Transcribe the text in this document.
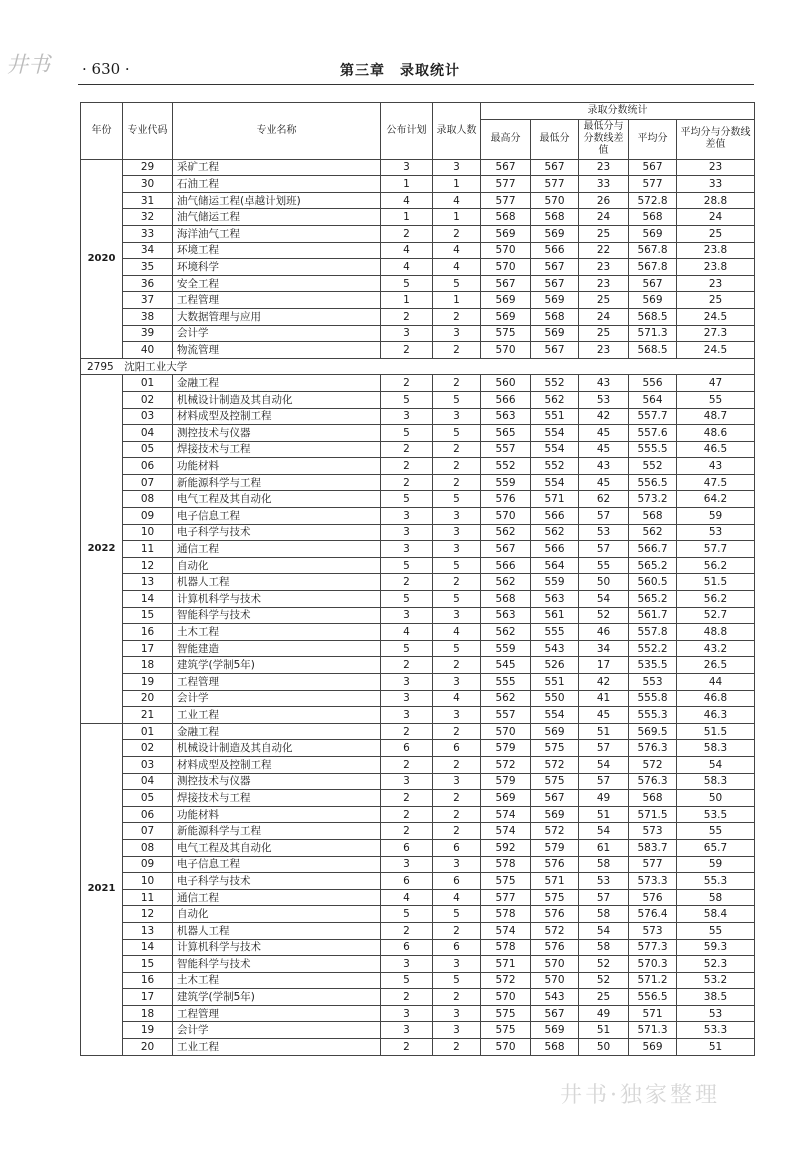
井书 · 630 ·	第三章　录取统计
年份	专业代码	专业名称	公布计划	录取人数	录取分数统计				
					最高分	最低分	最低分与分数线差值	平均分	平均分与分数线差值
2020	29	采矿工程	3	3	567	567	23	567	23
	30	石油工程	1	1	577	577	33	577	33
	31	油气储运工程(卓越计划班)	4	4	577	570	26	572.8	28.8
	32	油气储运工程	1	1	568	568	24	568	24
	33	海洋油气工程	2	2	569	569	25	569	25
	34	环境工程	4	4	570	566	22	567.8	23.8
	35	环境科学	4	4	570	567	23	567.8	23.8
	36	安全工程	5	5	567	567	23	567	23
	37	工程管理	1	1	569	569	25	569	25
	38	大数据管理与应用	2	2	569	568	24	568.5	24.5
	39	会计学	3	3	575	569	25	571.3	27.3
	40	物流管理	2	2	570	567	23	568.5	24.5
2795　沈阳工业大学									
2022	01	金融工程	2	2	560	552	43	556	47
	02	机械设计制造及其自动化	5	5	566	562	53	564	55
	03	材料成型及控制工程	3	3	563	551	42	557.7	48.7
	04	测控技术与仪器	5	5	565	554	45	557.6	48.6
	05	焊接技术与工程	2	2	557	554	45	555.5	46.5
	06	功能材料	2	2	552	552	43	552	43
	07	新能源科学与工程	2	2	559	554	45	556.5	47.5
	08	电气工程及其自动化	5	5	576	571	62	573.2	64.2
	09	电子信息工程	3	3	570	566	57	568	59
	10	电子科学与技术	3	3	562	562	53	562	53
	11	通信工程	3	3	567	566	57	566.7	57.7
	12	自动化	5	5	566	564	55	565.2	56.2
	13	机器人工程	2	2	562	559	50	560.5	51.5
	14	计算机科学与技术	5	5	568	563	54	565.2	56.2
	15	智能科学与技术	3	3	563	561	52	561.7	52.7
	16	土木工程	4	4	562	555	46	557.8	48.8
	17	智能建造	5	5	559	543	34	552.2	43.2
	18	建筑学(学制5年)	2	2	545	526	17	535.5	26.5
	19	工程管理	3	3	555	551	42	553	44
	20	会计学	3	4	562	550	41	555.8	46.8
	21	工业工程	3	3	557	554	45	555.3	46.3
2021	01	金融工程	2	2	570	569	51	569.5	51.5
	02	机械设计制造及其自动化	6	6	579	575	57	576.3	58.3
	03	材料成型及控制工程	2	2	572	572	54	572	54
	04	测控技术与仪器	3	3	579	575	57	576.3	58.3
	05	焊接技术与工程	2	2	569	567	49	568	50
	06	功能材料	2	2	574	569	51	571.5	53.5
	07	新能源科学与工程	2	2	574	572	54	573	55
	08	电气工程及其自动化	6	6	592	579	61	583.7	65.7
	09	电子信息工程	3	3	578	576	58	577	59
	10	电子科学与技术	6	6	575	571	53	573.3	55.3
	11	通信工程	4	4	577	575	57	576	58
	12	自动化	5	5	578	576	58	576.4	58.4
	13	机器人工程	2	2	574	572	54	573	55
	14	计算机科学与技术	6	6	578	576	58	577.3	59.3
	15	智能科学与技术	3	3	571	570	52	570.3	52.3
	16	土木工程	5	5	572	570	52	571.2	53.2
	17	建筑学(学制5年)	2	2	570	543	25	556.5	38.5
	18	工程管理	3	3	575	567	49	571	53
	19	会计学	3	3	575	569	51	571.3	53.3
	20	工业工程	2	2	570	568	50	569	51
井书·独家整理
